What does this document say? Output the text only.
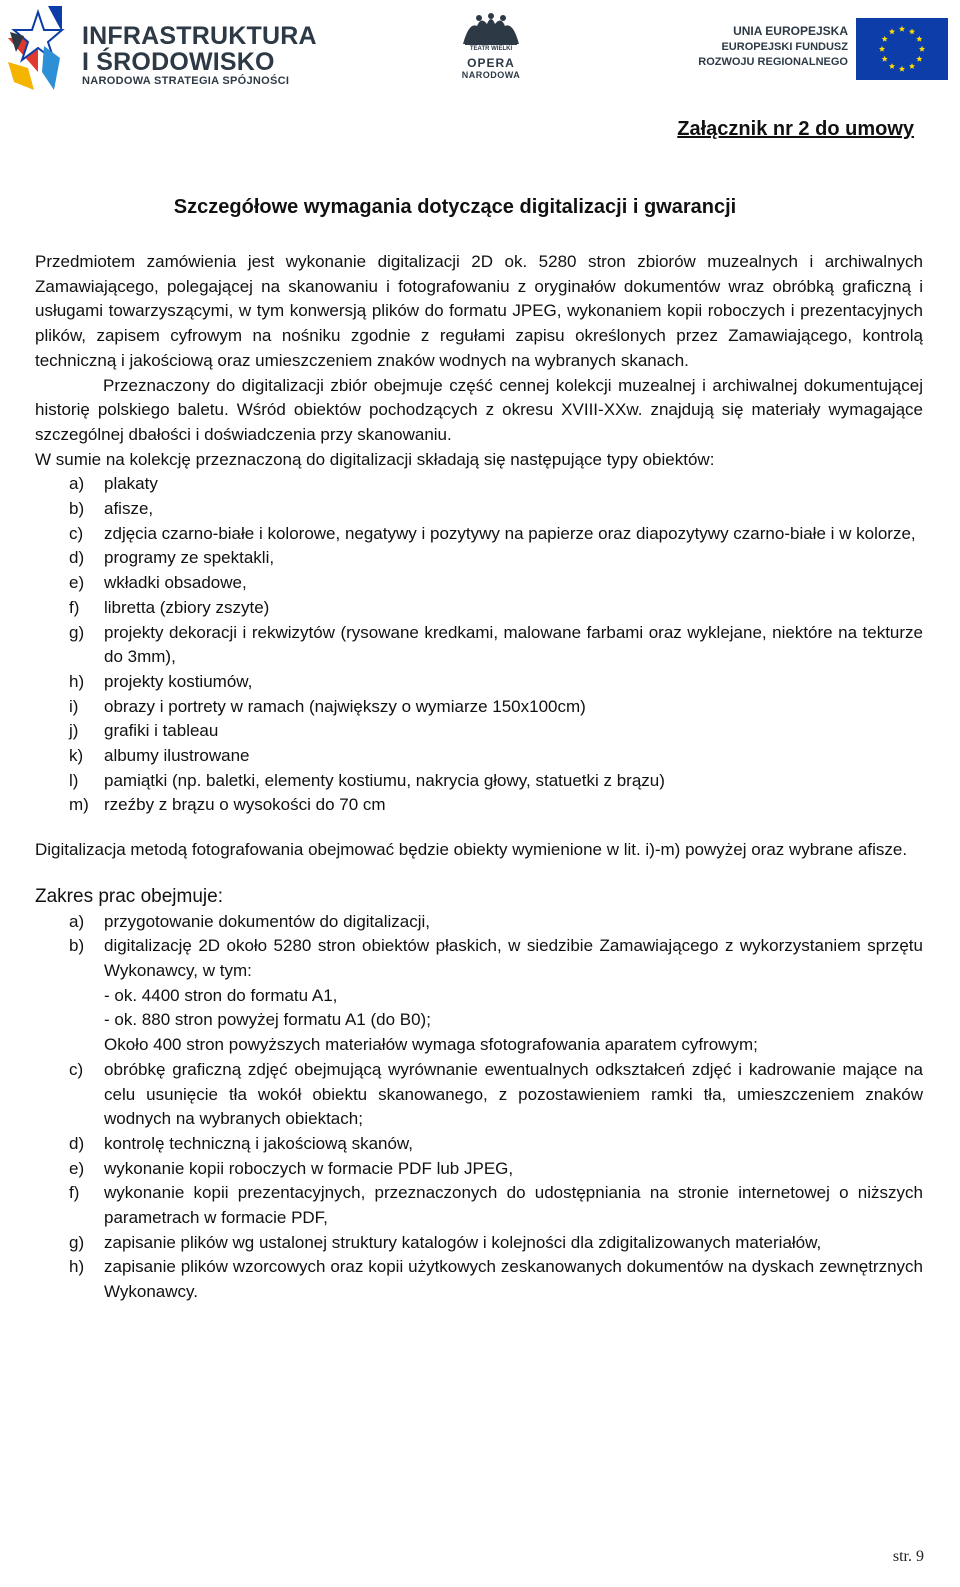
INFRASTRUKTURA
I ŚRODOWISKO
NARODOWA STRATEGIA SPÓJNOŚCI
TEATR WIELKI
OPERA
NARODOWA
UNIA EUROPEJSKA
EUROPEJSKI FUNDUSZ
ROZWOJU REGIONALNEGO
Załącznik nr 2 do umowy
Szczegółowe wymagania dotyczące digitalizacji i gwarancji

Przedmiotem zamówienia jest wykonanie digitalizacji 2D ok. 5280 stron zbiorów muzealnych i archiwalnych Zamawiającego, polegającej na skanowaniu i fotografowaniu z oryginałów dokumentów wraz obróbką graficzną i usługami towarzyszącymi, w tym konwersją plików do formatu JPEG, wykonaniem kopii roboczych i prezentacyjnych plików, zapisem cyfrowym na nośniku zgodnie z regułami zapisu określonych przez Zamawiającego, kontrolą techniczną i jakościową oraz umieszczeniem znaków wodnych na wybranych skanach.

Przeznaczony do digitalizacji zbiór obejmuje część cennej kolekcji muzealnej i archiwalnej dokumentującej historię polskiego baletu. Wśród obiektów pochodzących z okresu XVIII-XXw. znajdują się materiały wymagające szczególnej dbałości i doświadczenia przy skanowaniu.

W sumie na kolekcję przeznaczoną do digitalizacji składają się następujące typy obiektów:

a) plakaty
b) afisze,
c) zdjęcia czarno-białe i kolorowe, negatywy i pozytywy na papierze oraz diapozytywy czarno-białe i w kolorze,
d) programy ze spektakli,
e) wkładki obsadowe,
f) libretta (zbiory zszyte)
g) projekty dekoracji i rekwizytów (rysowane kredkami, malowane farbami oraz wyklejane, niektóre na tekturze do 3mm),
h) projekty kostiumów,
i) obrazy i portrety w ramach (największy o wymiarze 150x100cm)
j) grafiki i tableau
k) albumy ilustrowane
l) pamiątki (np. baletki, elementy kostiumu, nakrycia głowy, statuetki z brązu)
m) rzeźby z brązu o wysokości do 70 cm

Digitalizacja metodą fotografowania obejmować będzie obiekty wymienione w lit. i)-m) powyżej oraz wybrane afisze.

Zakres prac obejmuje:

a) przygotowanie dokumentów do digitalizacji,
b) digitalizację 2D około 5280 stron obiektów płaskich, w siedzibie Zamawiającego z wykorzystaniem sprzętu Wykonawcy, w tym:
- ok. 4400 stron do formatu A1,
- ok. 880 stron powyżej formatu A1 (do B0);
Około 400 stron powyższych materiałów wymaga sfotografowania aparatem cyfrowym;
c) obróbkę graficzną zdjęć obejmującą wyrównanie ewentualnych odkształceń zdjęć i kadrowanie mające na celu usunięcie tła wokół obiektu skanowanego, z pozostawieniem ramki tła, umieszczeniem znaków wodnych na wybranych obiektach;
d) kontrolę techniczną i jakościową skanów,
e) wykonanie kopii roboczych w formacie PDF lub JPEG,
f) wykonanie kopii prezentacyjnych, przeznaczonych do udostępniania na stronie internetowej o niższych parametrach w formacie PDF,
g) zapisanie plików wg ustalonej struktury katalogów i kolejności dla zdigitalizowanych materiałów,
h) zapisanie plików wzorcowych oraz kopii użytkowych zeskanowanych dokumentów na dyskach zewnętrznych Wykonawcy.
str. 9
